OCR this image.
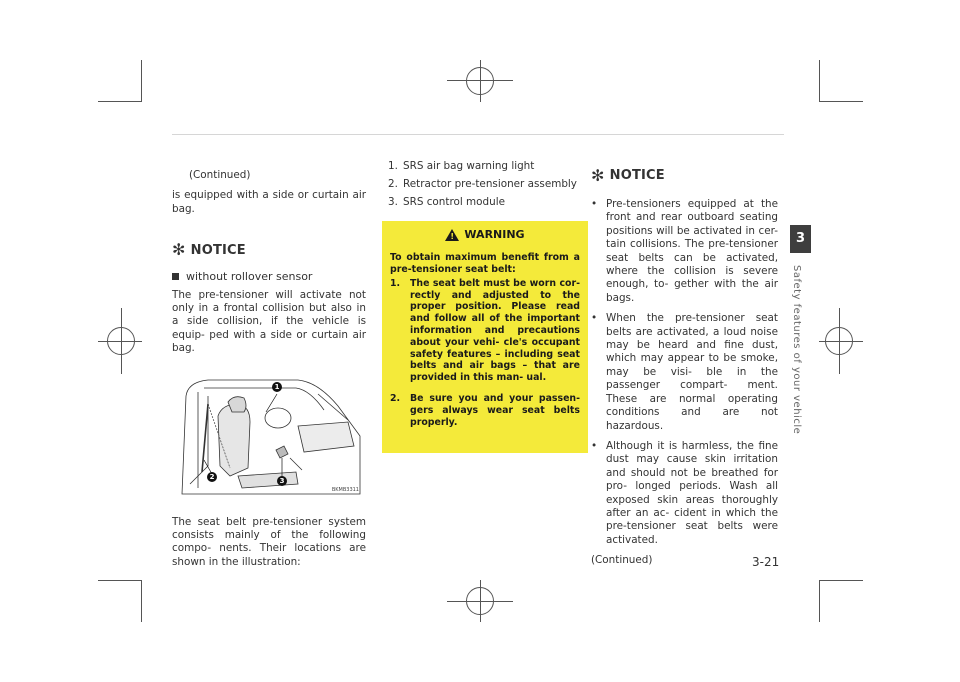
(Continued)

is equipped with a side or curtain air bag.

✻ NOTICE
without rollover sensor

The pre-tensioner will activate not only in a frontal collision but also in a side collision, if the vehicle is equip- ped with a side or curtain air bag.

1
2	3
BKMB3311

The seat belt pre-tensioner system consists mainly of the following compo- nents. Their locations are shown in the illustration:

1. SRS air bag warning light
2. Retractor pre-tensioner assembly
3. SRS control module
!
WARNING
To obtain maximum benefit from a pre-tensioner seat belt:
1.	The seat belt must be worn cor- rectly and adjusted to the proper position. Please read and follow all of the important information and precautions about your vehi- cle's occupant safety features – including seat belts and air bags – that are provided in this man- ual.
2.	Be sure you and your passen- gers always wear seat belts properly.
✻ NOTICE
• Pre-tensioners equipped at the front and rear outboard seating positions will be activated in cer- tain collisions. The pre-tensioner seat belts can be activated, where the collision is severe enough, to- gether with the air bags.
• When the pre-tensioner seat belts are activated, a loud noise may be heard and fine dust, which may appear to be smoke, may be visi- ble in the passenger compart- ment. These are normal operating conditions and are not hazardous.
• Although it is harmless, the fine dust may cause skin irritation and should not be breathed for pro- longed periods. Wash all exposed skin areas thoroughly after an ac- cident in which the pre-tensioner seat belts were activated.

(Continued)

3
Safety features of your vehicle
3-21
